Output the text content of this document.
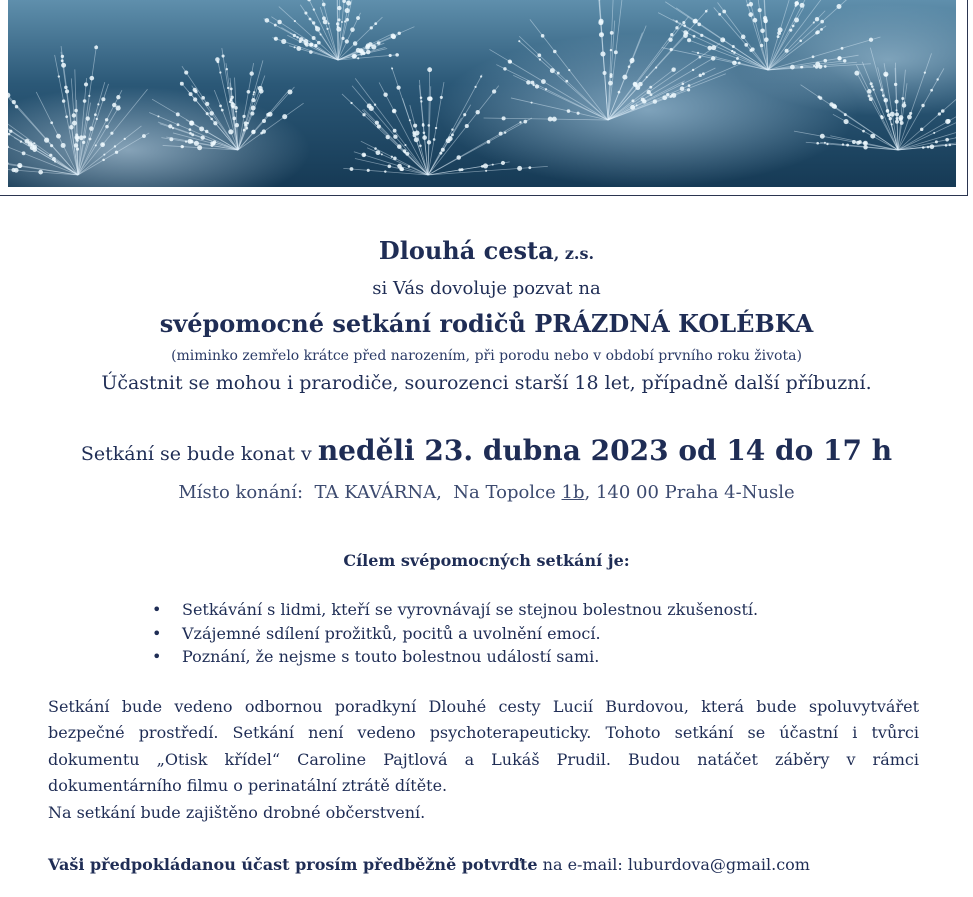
Dlouhá cesta, z.s.
si Vás dovoluje pozvat na
svépomocné setkání rodičů PRÁZDNÁ KOLÉBKA
(miminko zemřelo krátce před narozením, při porodu nebo v období prvního roku života)
Účastnit se mohou i prarodiče, sourozenci starší 18 let, případně další příbuzní.
Setkání se bude konat v neděli 23. dubna 2023 od 14 do 17 h
Místo konání: TA KAVÁRNA, Na Topolce 1b, 140 00 Praha 4-Nusle
Cílem svépomocných setkání je:
• Setkávání s lidmi, kteří se vyrovnávají se stejnou bolestnou zkušeností.
• Vzájemné sdílení prožitků, pocitů a uvolnění emocí.
• Poznání, že nejsme s touto bolestnou událostí sami.
Setkání bude vedeno odbornou poradkyní Dlouhé cesty Lucií Burdovou, která bude spoluvytvářet
bezpečné prostředí. Setkání není vedeno psychoterapeuticky. Tohoto setkání se účastní i tvůrci
dokumentu „Otisk křídel“ Caroline Pajtlová a Lukáš Prudil. Budou natáčet záběry v rámci
dokumentárního filmu o perinatální ztrátě dítěte.
Na setkání bude zajištěno drobné občerstvení.
Vaši předpokládanou účast prosím předběžně potvrďte na e-mail: luburdova@gmail.com
